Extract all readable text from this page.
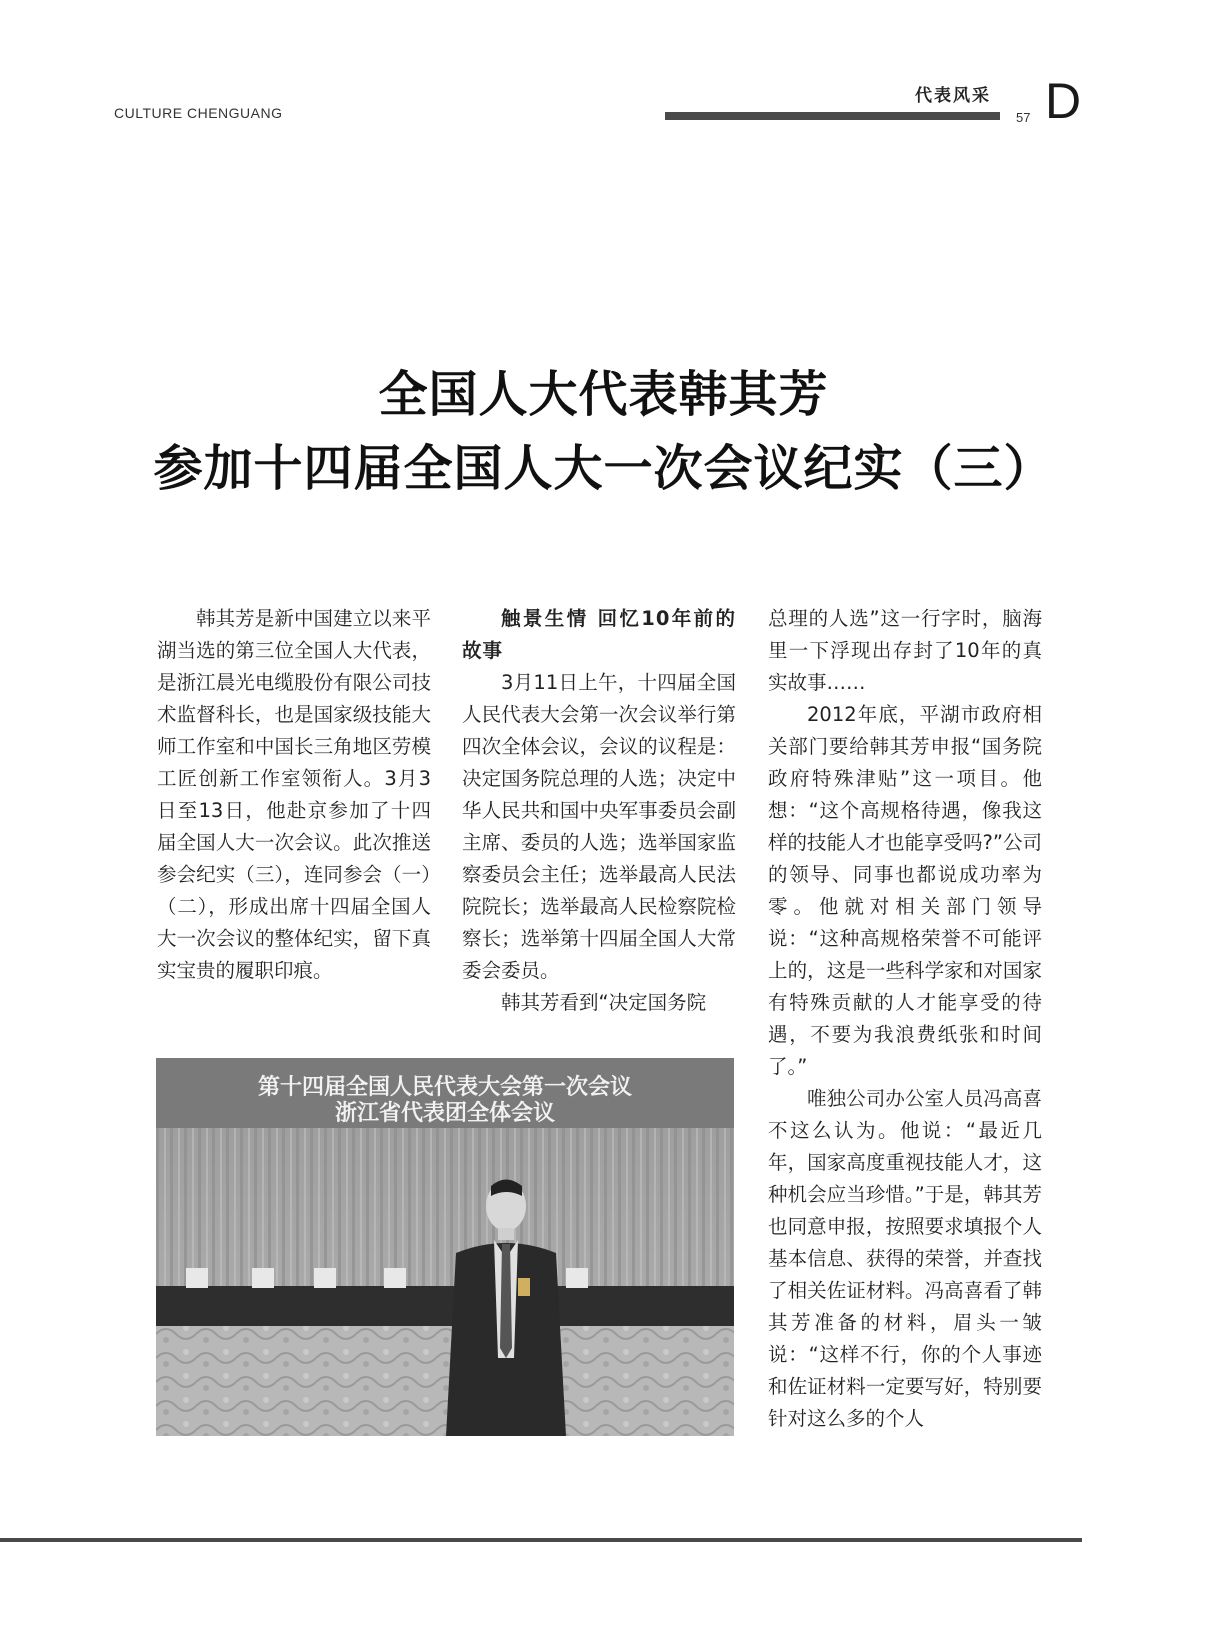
CULTURE CHENGUANG
代表风采
57 D
全国人大代表韩其芳
参加十四届全国人大一次会议纪实（三）

韩其芳是新中国建立以来平湖当选的第三位全国人大代表，是浙江晨光电缆股份有限公司技术监督科长，也是国家级技能大师工作室和中国长三角地区劳模工匠创新工作室领衔人。3月3日至13日，他赴京参加了十四届全国人大一次会议。此次推送参会纪实（三），连同参会（一）（二），形成出席十四届全国人大一次会议的整体纪实，留下真实宝贵的履职印痕。

触景生情 回忆10年前的故事

3月11日上午，十四届全国人民代表大会第一次会议举行第四次全体会议，会议的议程是：决定国务院总理的人选；决定中华人民共和国中央军事委员会副主席、委员的人选；选举国家监察委员会主任；选举最高人民法院院长；选举最高人民检察院检察长；选举第十四届全国人大常委会委员。

韩其芳看到“决定国务院

总理的人选”这一行字时，脑海里一下浮现出存封了10年的真实故事……

2012年底，平湖市政府相关部门要给韩其芳申报“国务院政府特殊津贴”这一项目。他想：“这个高规格待遇，像我这样的技能人才也能享受吗?”公司的领导、同事也都说成功率为零。他就对相关部门领导说：“这种高规格荣誉不可能评上的，这是一些科学家和对国家有特殊贡献的人才能享受的待遇，不要为我浪费纸张和时间了。”

唯独公司办公室人员冯高喜不这么认为。他说：“最近几年，国家高度重视技能人才，这种机会应当珍惜。”于是，韩其芳也同意申报，按照要求填报个人基本信息、获得的荣誉，并查找了相关佐证材料。冯高喜看了韩其芳准备的材料，眉头一皱说：“这样不行，你的个人事迹和佐证材料一定要写好，特别要针对这么多的个人

第十四届全国人民代表大会第一次会议
浙江省代表团全体会议
